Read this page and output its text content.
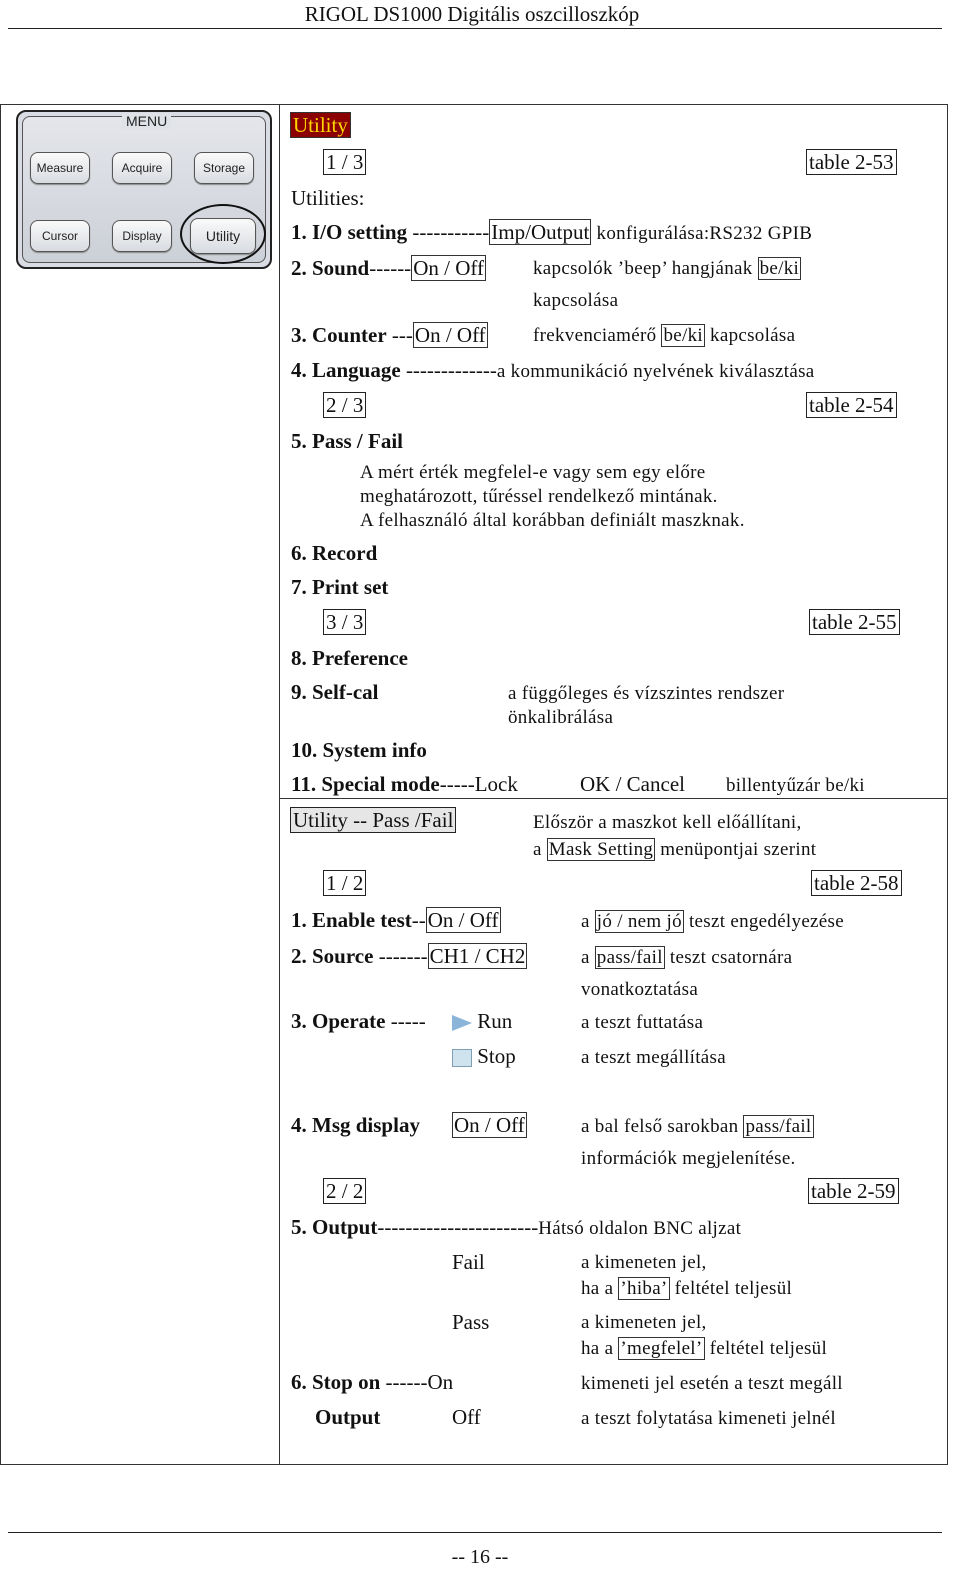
RIGOL DS1000 Digitális oszcilloszkóp
MENU
Measure	Acquire	Storage
Cursor	Display	Utility
Utility
1 / 3	table 2-53
Utilities:
1. I/O setting -----------Imp/Output konfigurálása:RS232 GPIB
2. Sound------On / Off	kapcsolók ’beep’ hangjának be/ki
kapcsolása
3. Counter ---On / Off frekvenciamérő be/ki kapcsolása
4. Language -------------a kommunikáció nyelvének kiválasztása
2 / 3	table 2-54
5. Pass / Fail
A mért érték megfelel-e vagy sem egy előre
meghatározott, tűréssel rendelkező mintának.
A felhasználó által korábban definiált maszknak.
6. Record
7. Print set
3 / 3	table 2-55
8. Preference
9. Self-cal	a függőleges és vízszintes rendszer
önkalibrálása
10. System info
11. Special mode-----Lock	OK / Cancel billentyűzár be/ki
Utility -- Pass /Fail	Először a maszkot kell előállítani,
a Mask Setting menüpontjai szerint
1 / 2	table 2-58
1. Enable test--On / Off	a jó / nem jó teszt engedélyezése
2. Source -------CH1 / CH2	a pass/fail teszt csatornára
vonatkoztatása
3. Operate -----	Run	a teszt futtatása
Stop	a teszt megállítása
4. Msg display On / Off	a bal felső sarokban pass/fail
információk megjelenítése.
2 / 2	table 2-59
5. Output-----------------------Hátsó oldalon BNC aljzat
Fail	a kimeneten jel,
ha a ’hiba’ feltétel teljesül
Pass	a kimeneten jel,
ha a ’megfelel’ feltétel teljesül
6. Stop on ------On	kimeneti jel esetén a teszt megáll
Output	Off	a teszt folytatása kimeneti jelnél
-- 16 --
